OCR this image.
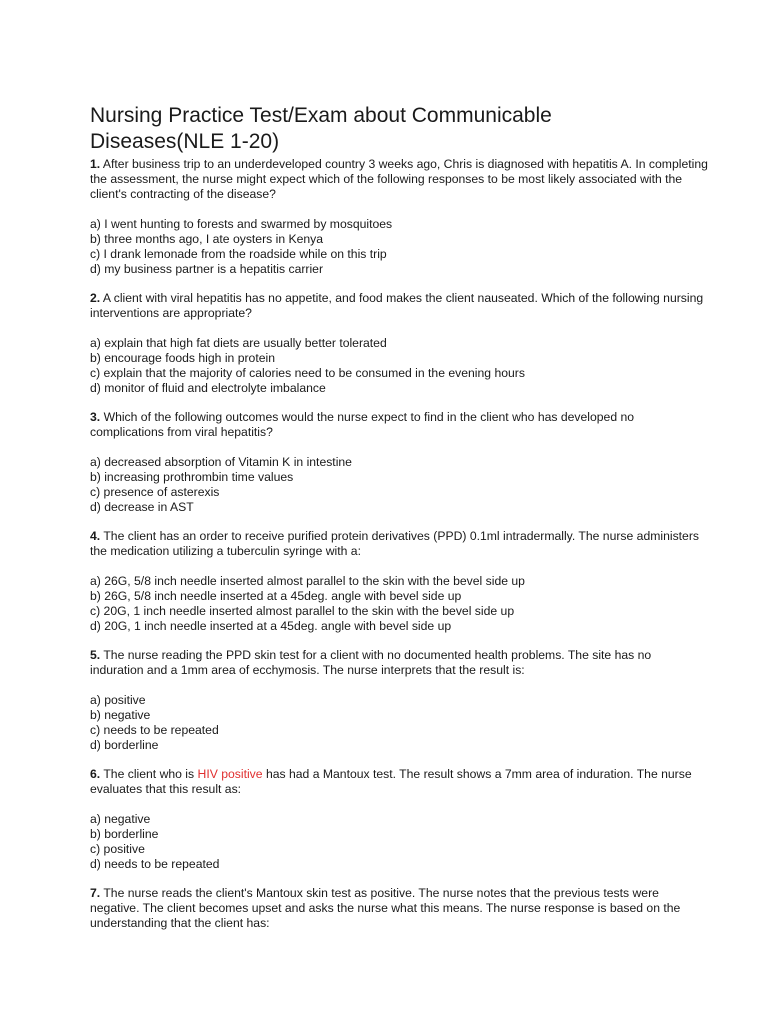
Nursing Practice Test/Exam about Communicable
Diseases(NLE 1-20)

1. After business trip to an underdeveloped country 3 weeks ago, Chris is diagnosed with hepatitis A. In completing the assessment, the nurse might expect which of the following responses to be most likely associated with the client's contracting of the disease?

a) I went hunting to forests and swarmed by mosquitoes
b) three months ago, I ate oysters in Kenya
c) I drank lemonade from the roadside while on this trip
d) my business partner is a hepatitis carrier

2. A client with viral hepatitis has no appetite, and food makes the client nauseated. Which of the following nursing interventions are appropriate?

a) explain that high fat diets are usually better tolerated
b) encourage foods high in protein
c) explain that the majority of calories need to be consumed in the evening hours
d) monitor of fluid and electrolyte imbalance

3. Which of the following outcomes would the nurse expect to find in the client who has developed no complications from viral hepatitis?

a) decreased absorption of Vitamin K in intestine
b) increasing prothrombin time values
c) presence of asterexis
d) decrease in AST

4. The client has an order to receive purified protein derivatives (PPD) 0.1ml intradermally. The nurse administers the medication utilizing a tuberculin syringe with a:

a) 26G, 5/8 inch needle inserted almost parallel to the skin with the bevel side up
b) 26G, 5/8 inch needle inserted at a 45deg. angle with bevel side up
c) 20G, 1 inch needle inserted almost parallel to the skin with the bevel side up
d) 20G, 1 inch needle inserted at a 45deg. angle with bevel side up

5. The nurse reading the PPD skin test for a client with no documented health problems. The site has no induration and a 1mm area of ecchymosis. The nurse interprets that the result is:

a) positive
b) negative
c) needs to be repeated
d) borderline

6. The client who is HIV positive has had a Mantoux test. The result shows a 7mm area of induration. The nurse evaluates that this result as:

a) negative
b) borderline
c) positive
d) needs to be repeated

7. The nurse reads the client's Mantoux skin test as positive. The nurse notes that the previous tests were negative. The client becomes upset and asks the nurse what this means. The nurse response is based on the understanding that the client has:
